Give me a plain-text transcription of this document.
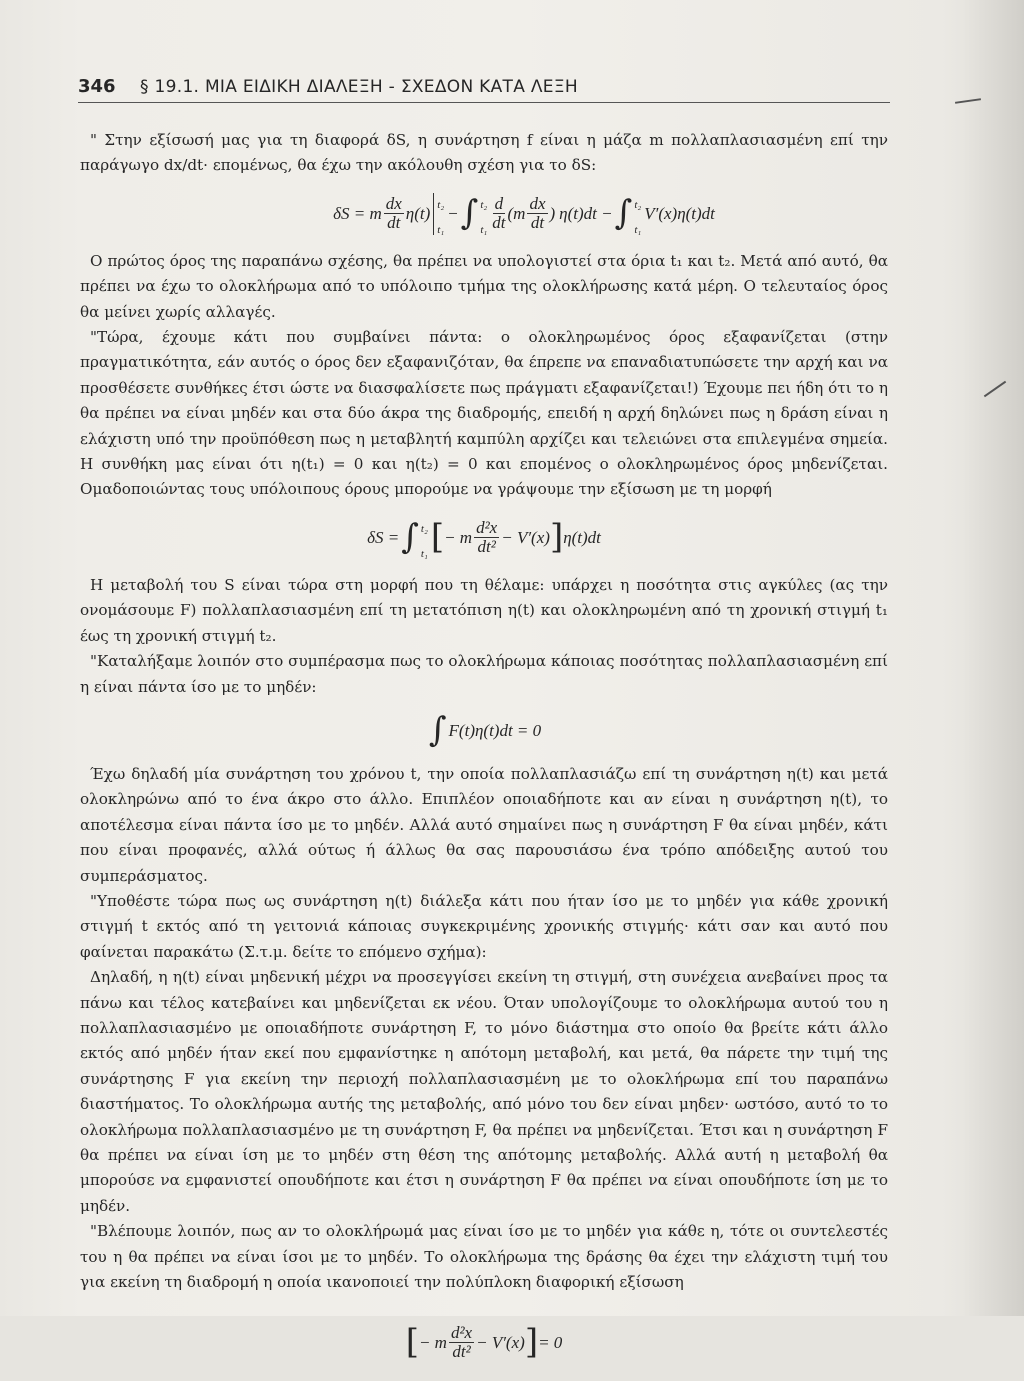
346 § 19.1. ΜΙΑ ΕΙΔΙΚΗ ΔΙΑΛΕΞΗ - ΣΧΕΔΟΝ ΚΑΤΑ ΛΕΞΗ

" Στην εξίσωσή μας για τη διαφορά δS, η συνάρτηση f είναι η μάζα m πολλαπλασιασμένη επί την παράγωγο dx/dt· επομένως, θα έχω την ακόλουθη σχέση για το δS:

δS = m $\frac{dx}{dt} \eta(t)$ t₂
t₁
− ∫ t₂
$t_1 \frac{d}{dt} (m \frac{dx}{dt}$ ) η(t)dt − ∫ t₂
t₁
V′(x)η(t)dt

Ο πρώτος όρος της παραπάνω σχέσης, θα πρέπει να υπολογιστεί στα όρια t₁ και t₂. Μετά από αυτό, θα πρέπει να έχω το ολοκλήρωμα από το υπόλοιπο τμήμα της ολοκλήρωσης κατά μέρη. Ο τελευταίος όρος θα μείνει χωρίς αλλαγές.

"Τώρα, έχουμε κάτι που συμβαίνει πάντα: ο ολοκληρωμένος όρος εξαφανίζεται (στην πραγματικότητα, εάν αυτός ο όρος δεν εξαφανιζόταν, θα έπρεπε να επαναδιατυπώσετε την αρχή και να προσθέσετε συνθήκες έτσι ώστε να διασφαλίσετε πως πράγματι εξαφανίζεται!) Έχουμε πει ήδη ότι το η θα πρέπει να είναι μηδέν και στα δύο άκρα της διαδρομής, επειδή η αρχή δηλώνει πως η δράση είναι η ελάχιστη υπό την προϋπόθεση πως η μεταβλητή καμπύλη αρχίζει και τελειώνει στα επιλεγμένα σημεία. Η συνθήκη μας είναι ότι η(t₁) = 0 και η(t₂) = 0 και επομένος ο ολοκληρωμένος όρος μηδενίζεται. Ομαδοποιώντας τους υπόλοιπους όρους μπορούμε να γράψουμε την εξίσωση με τη μορφή

δS = ∫ t₂
t₁ [ − m $\frac{\text{d²x}}{\text{dt²}} - V'(x)$ ] η(t)dt

Η μεταβολή του S είναι τώρα στη μορφή που τη θέλαμε: υπάρχει η ποσότητα στις αγκύλες (ας την ονομάσουμε F) πολλαπλασιασμένη επί τη μετατόπιση η(t) και ολοκληρωμένη από τη χρονική στιγμή t₁ έως τη χρονική στιγμή t₂.

"Καταλήξαμε λοιπόν στο συμπέρασμα πως το ολοκλήρωμα κάποιας ποσότητας πολλαπλασιασμένη επί η είναι πάντα ίσο με το μηδέν:

∫ F(t)η(t)dt = 0

Έχω δηλαδή μία συνάρτηση του χρόνου t, την οποία πολλαπλασιάζω επί τη συνάρτηση η(t) και μετά ολοκληρώνω από το ένα άκρο στο άλλο. Επιπλέον οποιαδήποτε και αν είναι η συνάρτηση η(t), το αποτέλεσμα είναι πάντα ίσο με το μηδέν. Αλλά αυτό σημαίνει πως η συνάρτηση F θα είναι μηδέν, κάτι που είναι προφανές, αλλά ούτως ή άλλως θα σας παρουσιάσω ένα τρόπο απόδειξης αυτού του συμπεράσματος.

"Υποθέστε τώρα πως ως συνάρτηση η(t) διάλεξα κάτι που ήταν ίσο με το μηδέν για κάθε χρονική στιγμή t εκτός από τη γειτονιά κάποιας συγκεκριμένης χρονικής στιγμής· κάτι σαν και αυτό που φαίνεται παρακάτω (Σ.τ.μ. δείτε το επόμενο σχήμα):

Δηλαδή, η η(t) είναι μηδενική μέχρι να προσεγγίσει εκείνη τη στιγμή, στη συνέχεια ανεβαίνει προς τα πάνω και τέλος κατεβαίνει και μηδενίζεται εκ νέου. Όταν υπολογίζουμε το ολοκλήρωμα αυτού του η πολλαπλασιασμένο με οποιαδήποτε συνάρτηση F, το μόνο διάστημα στο οποίο θα βρείτε κάτι άλλο εκτός από μηδέν ήταν εκεί που εμφανίστηκε η απότομη μεταβολή, και μετά, θα πάρετε την τιμή της συνάρτησης F για εκείνη την περιοχή πολλαπλασιασμένη με το ολοκλήρωμα επί του παραπάνω διαστήματος. Το ολοκλήρωμα αυτής της μεταβολής, από μόνο του δεν είναι μηδεν· ωστόσο, αυτό το το ολοκλήρωμα πολλαπλασιασμένο με τη συνάρτηση F, θα πρέπει να μηδενίζεται. Έτσι και η συνάρτηση F θα πρέπει να είναι ίση με το μηδέν στη θέση της απότομης μεταβολής. Αλλά αυτή η μεταβολή θα μπορούσε να εμφανιστεί οπουδήποτε και έτσι η συνάρτηση F θα πρέπει να είναι οπουδήποτε ίση με το μηδέν.

"Βλέπουμε λοιπόν, πως αν το ολοκλήρωμά μας είναι ίσο με το μηδέν για κάθε η, τότε οι συντελεστές του η θα πρέπει να είναι ίσοι με το μηδέν. Το ολοκλήρωμα της δράσης θα έχει την ελάχιστη τιμή του για εκείνη τη διαδρομή η οποία ικανοποιεί την πολύπλοκη διαφορική εξίσωση

[ − m $\frac{\text{d²x}}{\text{dt²}} - V'(x)$ ] = 0
